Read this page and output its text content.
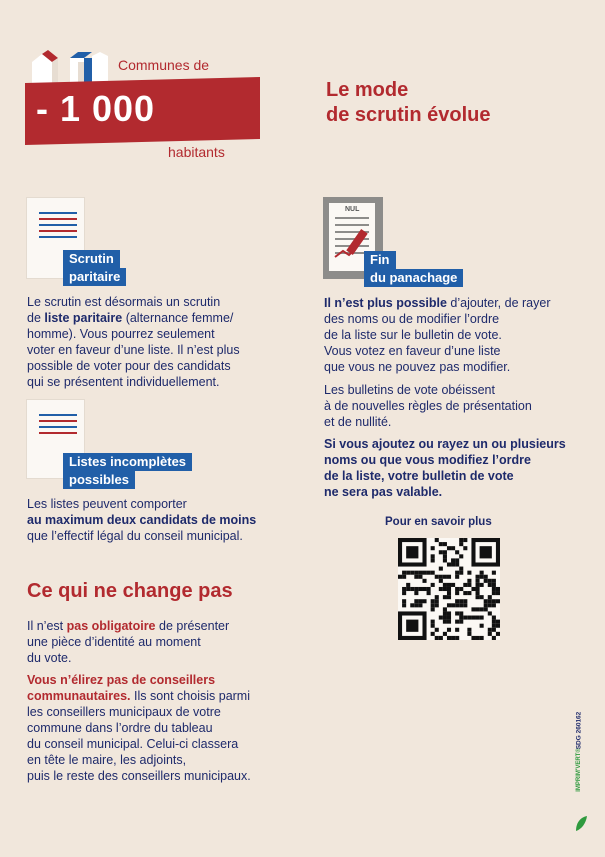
Communes de
- 1 000
habitants
Le mode
de scrutin évolue
Scrutin
paritaire
Le scrutin est désormais un scrutin
de liste paritaire (alternance femme/
homme). Vous pourrez seulement
voter en faveur d’une liste. Il n’est plus
possible de voter pour des candidats
qui se présentent individuellement.
Listes incomplètes
possibles
Les listes peuvent comporter
au maximum deux candidats de moins
que l’effectif légal du conseil municipal.
NUL
Fin
du panachage
Il n’est plus possible d’ajouter, de rayer
des noms ou de modifier l’ordre
de la liste sur le bulletin de vote.
Vous votez en faveur d’une liste
que vous ne pouvez pas modifier.
Les bulletins de vote obéissent
à de nouvelles règles de présentation
et de nullité.
Si vous ajoutez ou rayez un ou plusieurs
noms ou que vous modifiez l’ordre
de la liste, votre bulletin de vote
ne sera pas valable.
Pour en savoir plus
Ce qui ne change pas
Il n’est pas obligatoire de présenter
une pièce d’identité au moment
du vote.
Vous n’élirez pas de conseillers
communautaires. Ils sont choisis parmi
les conseillers municipaux de votre
commune dans l’ordre du tableau
du conseil municipal. Celui-ci classera
en tête le maire, les adjoints,
puis le reste des conseillers municipaux.	IMPRIM'VERT®
SDG 260162
